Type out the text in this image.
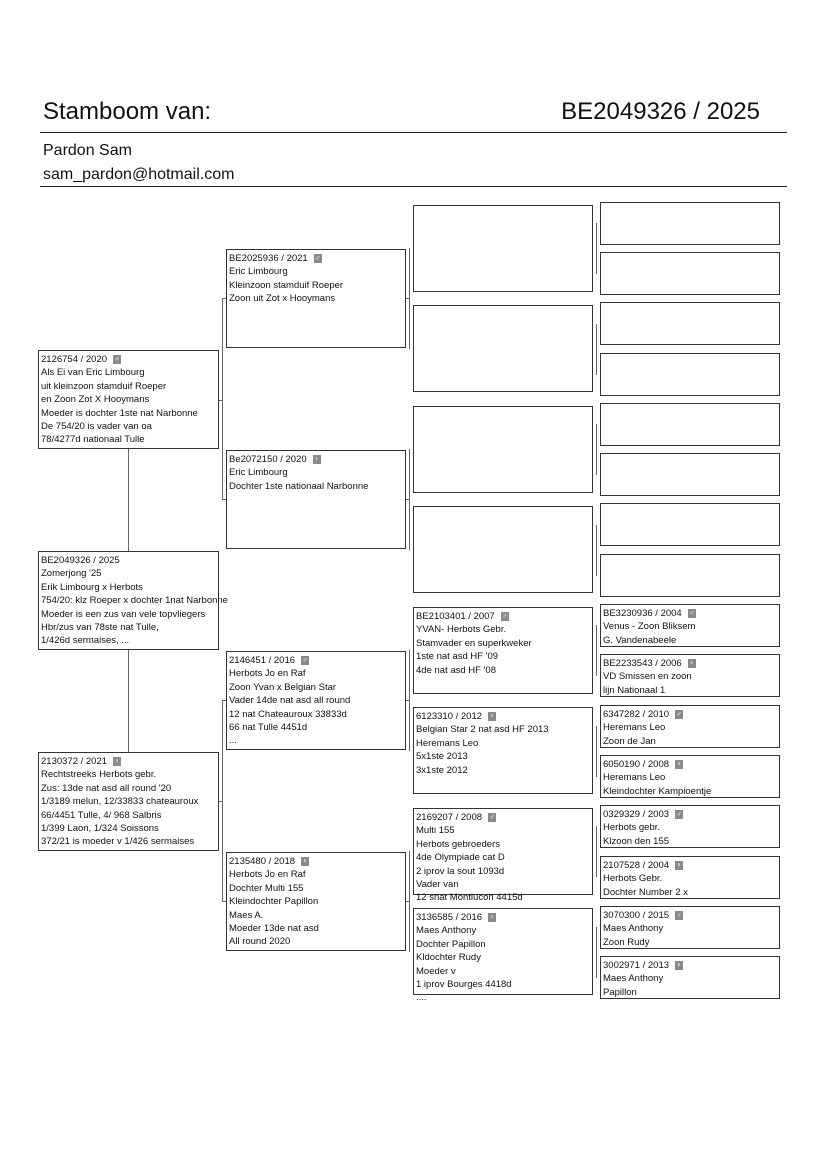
Stamboom van:	BE2049326 / 2025
Pardon Sam
sam_pardon@hotmail.com
2126754 / 2020 ♂
Als Ei van Eric Limbourg
uit kleinzoon stamduif Roeper
en Zoon Zot X Hooymans
Moeder is dochter 1ste nat Narbonne
De 754/20 is vader van oa
78/4277d nationaal Tulle
BE2049326 / 2025
Zomerjong '25
Erik Limbourg x Herbots
754/20: klz Roeper x dochter 1nat Narbonne
Moeder is een zus van vele topvliegers
Hbr/zus van 78ste nat Tulle,
1/426d sermaises, ...
2130372 / 2021 ♀
Rechtstreeks Herbots gebr.
Zus: 13de nat asd all round '20
1/3189 melun, 12/33833 chateauroux
66/4451 Tulle, 4/ 968 Salbris
1/399 Laon, 1/324 Soissons
372/21 is moeder v 1/426 sermaises
BE2025936 / 2021 ♂
Eric Limbourg
Kleinzoon stamduif Roeper
Zoon uit Zot x Hooymans
Be2072150 / 2020 ♀
Eric Limbourg
Dochter 1ste nationaal Narbonne
2146451 / 2016 ♂
Herbots Jo en Raf
Zoon Yvan x Belgian Star
Vader 14de nat asd all round
12 nat Chateauroux 33833d
66 nat Tulle 4451d
...
2135480 / 2018 ♀
Herbots Jo en Raf
Dochter Multi 155
Kleindochter Papillon
Maes A.
Moeder 13de nat asd
All round 2020
BE2103401 / 2007 ♂
YVAN- Herbots Gebr.
Stamvader en superkweker
1ste nat asd HF '09
4de nat asd HF '08
6123310 / 2012 ♀
Belgian Star 2 nat asd HF 2013
Heremans Leo
5x1ste 2013
3x1ste 2012
2169207 / 2008 ♂
Multi 155
Herbots gebroeders
4de Olympiade cat D
2 iprov la sout 1093d
Vader van
12 snat Montlucon 4415d
3136585 / 2016 ♀
Maes Anthony
Dochter Papillon
Kldochter Rudy
Moeder v
1 iprov Bourges 4418d
....
BE3230936 / 2004 ♂
Venus - Zoon Bliksem
G. Vandenabeele
BE2233543 / 2006 ♀
VD Smissen en zoon
lijn Nationaal 1
6347282 / 2010 ♂
Heremans Leo
Zoon de Jan
6050190 / 2008 ♀
Heremans Leo
Kleindochter Kampioentje
0329329 / 2003 ♂
Herbots gebr.
Klzoon den 155
2107528 / 2004 ♀
Herbots Gebr.
Dochter Number 2 x
3070300 / 2015 ♂
Maes Anthony
Zoon Rudy
3002971 / 2013 ♀
Maes Anthony
Papillon
